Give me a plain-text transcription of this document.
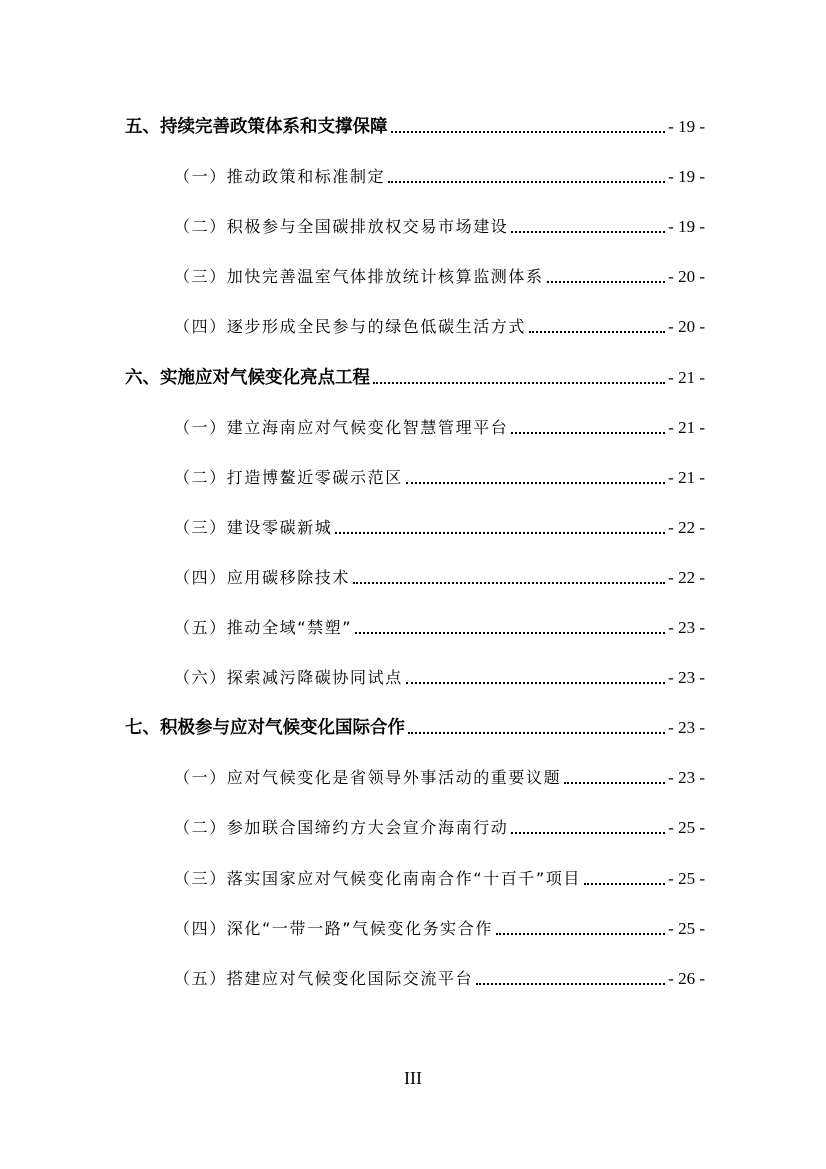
五、持续完善政策体系和支撑保障	- 19 -
（一）推动政策和标准制定	- 19 -
（二）积极参与全国碳排放权交易市场建设	- 19 -
（三）加快完善温室气体排放统计核算监测体系	- 20 -
（四）逐步形成全民参与的绿色低碳生活方式	- 20 -
六、实施应对气候变化亮点工程	- 21 -
（一）建立海南应对气候变化智慧管理平台	- 21 -
（二）打造博鳌近零碳示范区	- 21 -
（三）建设零碳新城	- 22 -
（四）应用碳移除技术	- 22 -
（五）推动全域“禁塑”	- 23 -
（六）探索减污降碳协同试点	- 23 -
七、积极参与应对气候变化国际合作	- 23 -
（一）应对气候变化是省领导外事活动的重要议题	- 23 -
（二）参加联合国缔约方大会宣介海南行动	- 25 -
（三）落实国家应对气候变化南南合作“十百千”项目	- 25 -
（四）深化“一带一路”气候变化务实合作	- 25 -
（五）搭建应对气候变化国际交流平台	- 26 -
III
